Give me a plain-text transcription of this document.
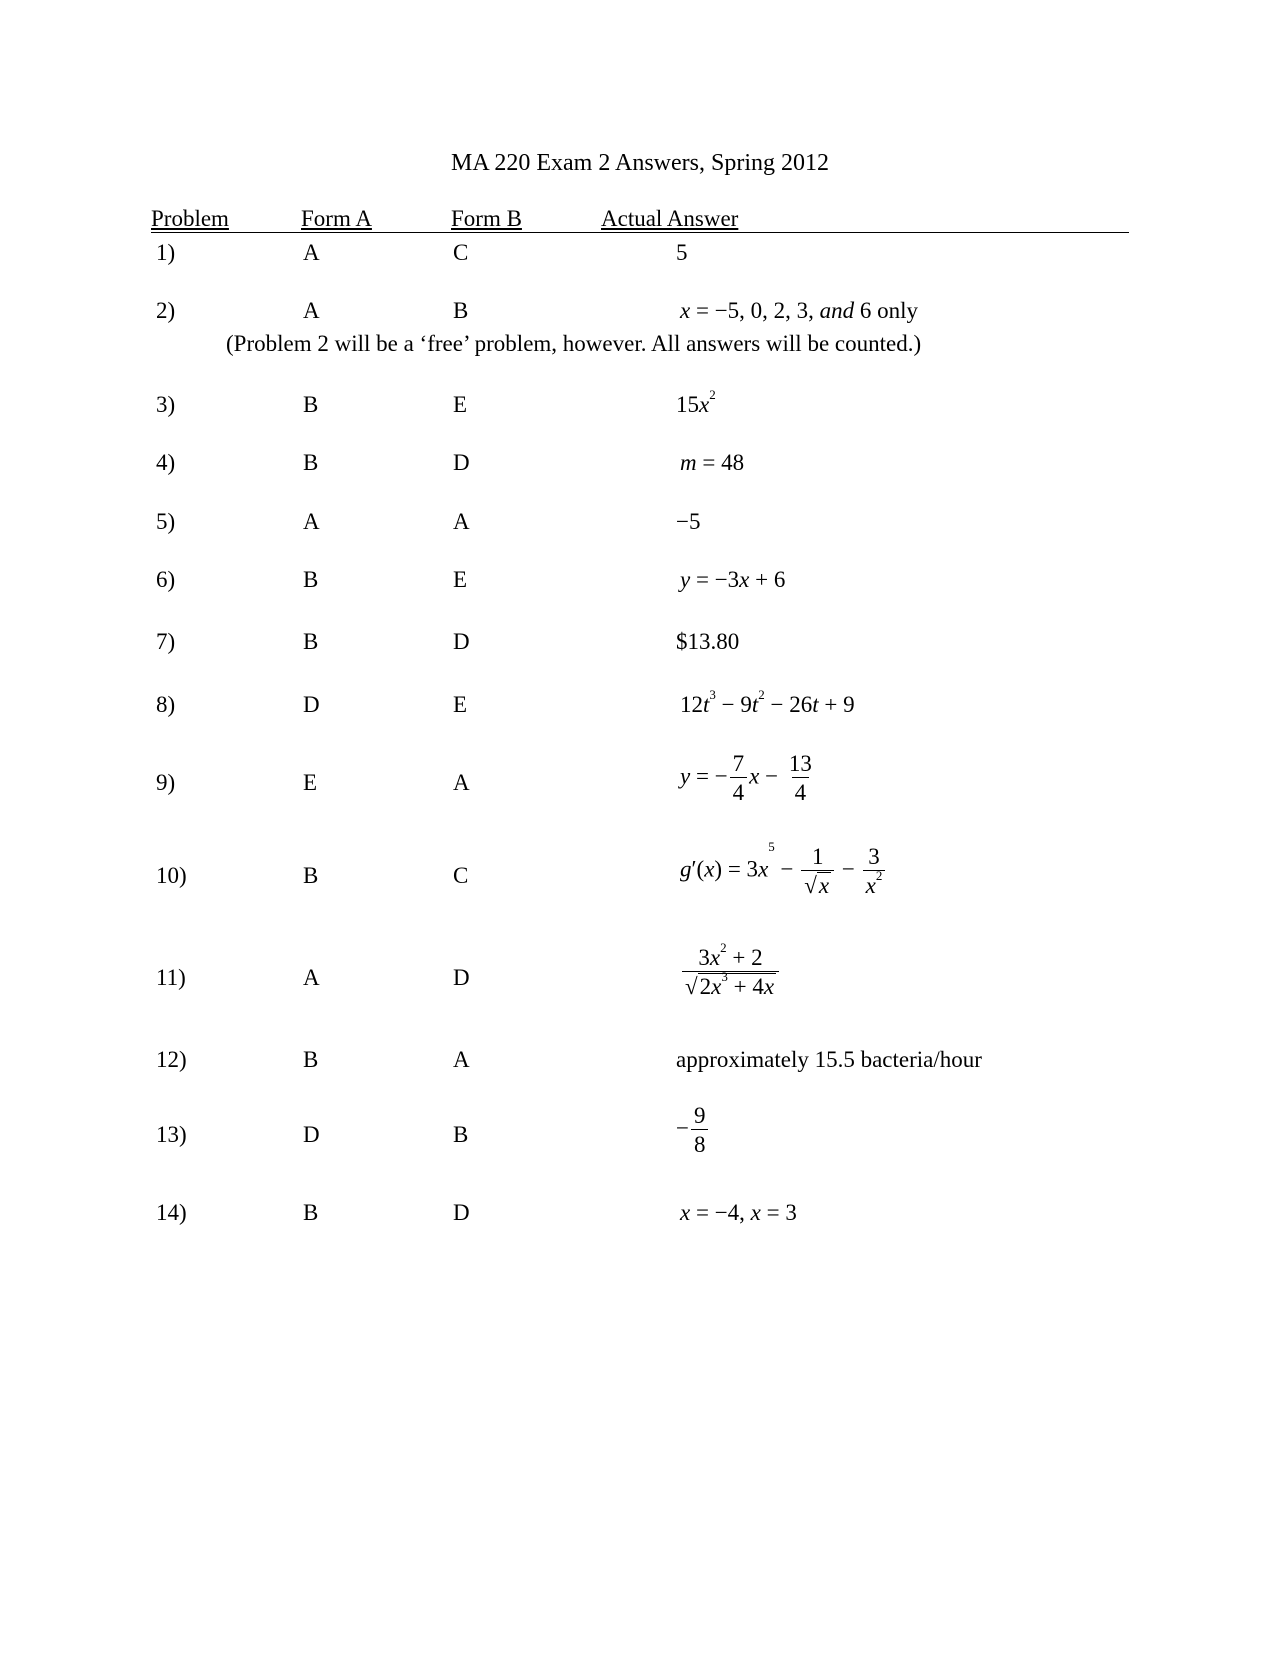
MA 220 Exam 2 Answers, Spring 2012
Problem	Form A	Form B	Actual Answer
1)	A	C	5
2)	A	B	x = −5, 0, 2, 3, and 6 only
(Problem 2 will be a ‘free’ problem, however. All answers will be counted.)
3)	B	E	$15x^2$
4)	B	D	m = 48
5)	A	A	−5
6)	B	E	y = −3x + 6
7)	B	D	$13.80
8)	D	E	$12t^3 - 9t^2 - 26t + 9$
9)	E	A	y = − $\frac{7}{4}$ $x - \frac{13}{4}$
10)	B	C	$g'(x) = 3x^5 - \frac{1}{√x} - \frac{3}{x^2}$
11)	A	D	$\frac{3x^2 + 2}{√2x^3 + 4x}$
12)	B	A	approximately 15.5 bacteria/hour
13)	D	B	− $\frac{9}{8}$
14)	B	D	x = −4, x = 3
